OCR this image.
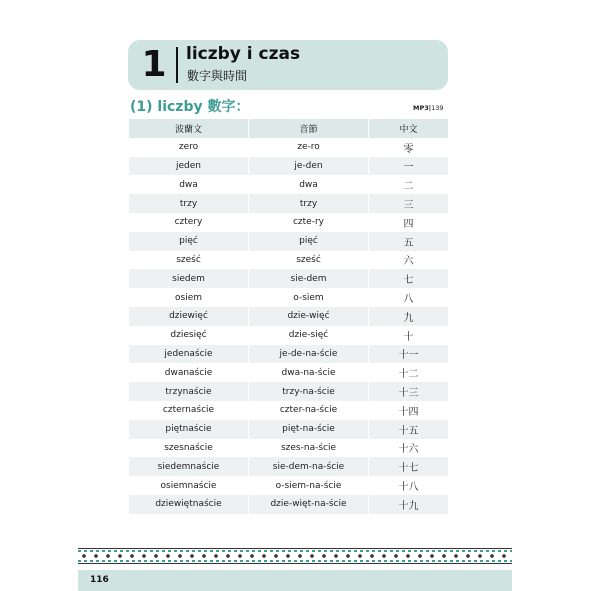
1	liczby i czas
數字與時間
(1) liczby 數字：	MP3|139
波蘭文	音節	中文
zero	ze-ro	零
jeden	je-den	一
dwa	dwa	二
trzy	trzy	三
cztery	czte-ry	四
pięć	pięć	五
sześć	sześć	六
siedem	sie-dem	七
osiem	o-siem	八
dziewięć	dzie-więć	九
dziesięć	dzie-sięć	十
jedenaście	je-de-na-ście	十一
dwanaście	dwa-na-ście	十二
trzynaście	trzy-na-ście	十三
czternaście	czter-na-ście	十四
piętnaście	pięt-na-ście	十五
szesnaście	szes-na-ście	十六
siedemnaście	sie-dem-na-ście	十七
osiemnaście	o-siem-na-ście	十八
dziewiętnaście	dzie-więt-na-ście	十九
116
